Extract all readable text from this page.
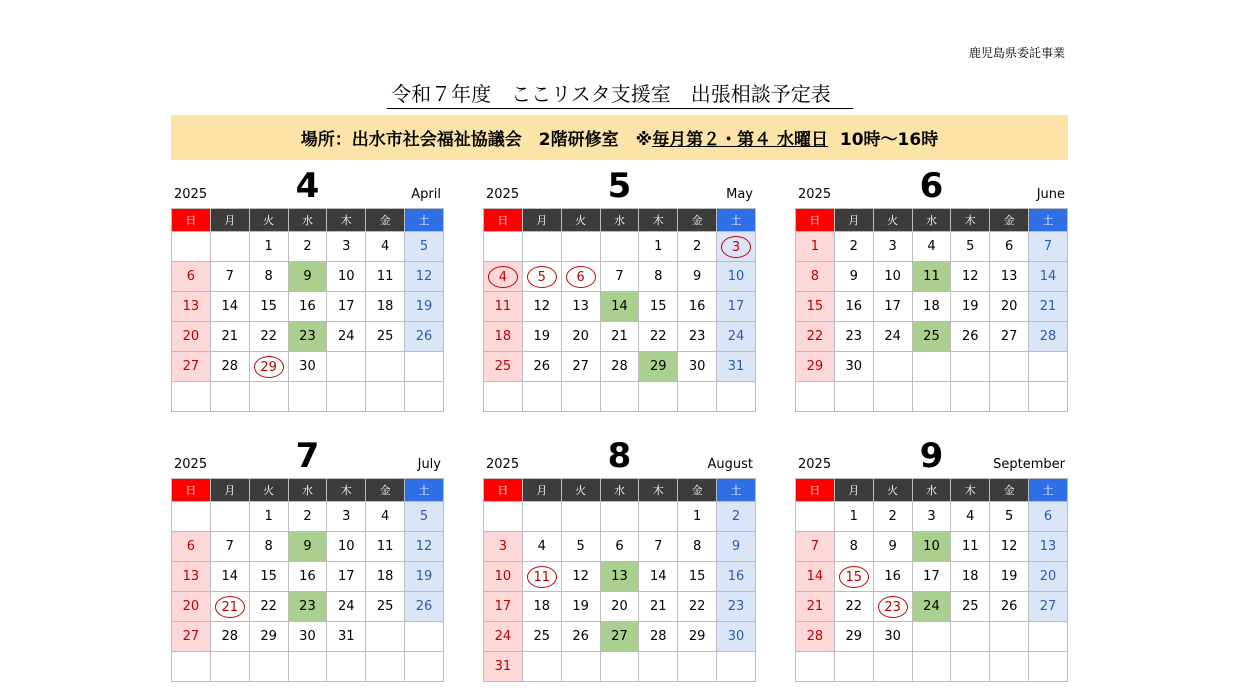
鹿児島県委託事業
令和７年度　ここリスタ支援室　出張相談予定表
場所：出水市社会福祉協議会　2階研修室　※ 毎月第２・第４ 水曜日
10時～16時
4
2025	April
日	月	火	水	木	金	土
		1	2	3	4	5
6	7	8	9	10	11	12
13	14	15	16	17	18	19
20	21	22	23	24	25	26
27	28	29	30			

5
2025	May
日	月	火	水	木	金	土
				1	2	3
4	5	6	7	8	9	10
11	12	13	14	15	16	17
18	19	20	21	22	23	24
25	26	27	28	29	30	31

6
2025	June
日	月	火	水	木	金	土
1	2	3	4	5	6	7
8	9	10	11	12	13	14
15	16	17	18	19	20	21
22	23	24	25	26	27	28
29	30					

7
2025	July
日	月	火	水	木	金	土
		1	2	3	4	5
6	7	8	9	10	11	12
13	14	15	16	17	18	19
20	21	22	23	24	25	26
27	28	29	30	31		

8
2025	August
日	月	火	水	木	金	土
					1	2
3	4	5	6	7	8	9
10	11	12	13	14	15	16
17	18	19	20	21	22	23
24	25	26	27	28	29	30
31						
9
2025	September
日	月	火	水	木	金	土
	1	2	3	4	5	6
7	8	9	10	11	12	13
14	15	16	17	18	19	20
21	22	23	24	25	26	27
28	29	30				
